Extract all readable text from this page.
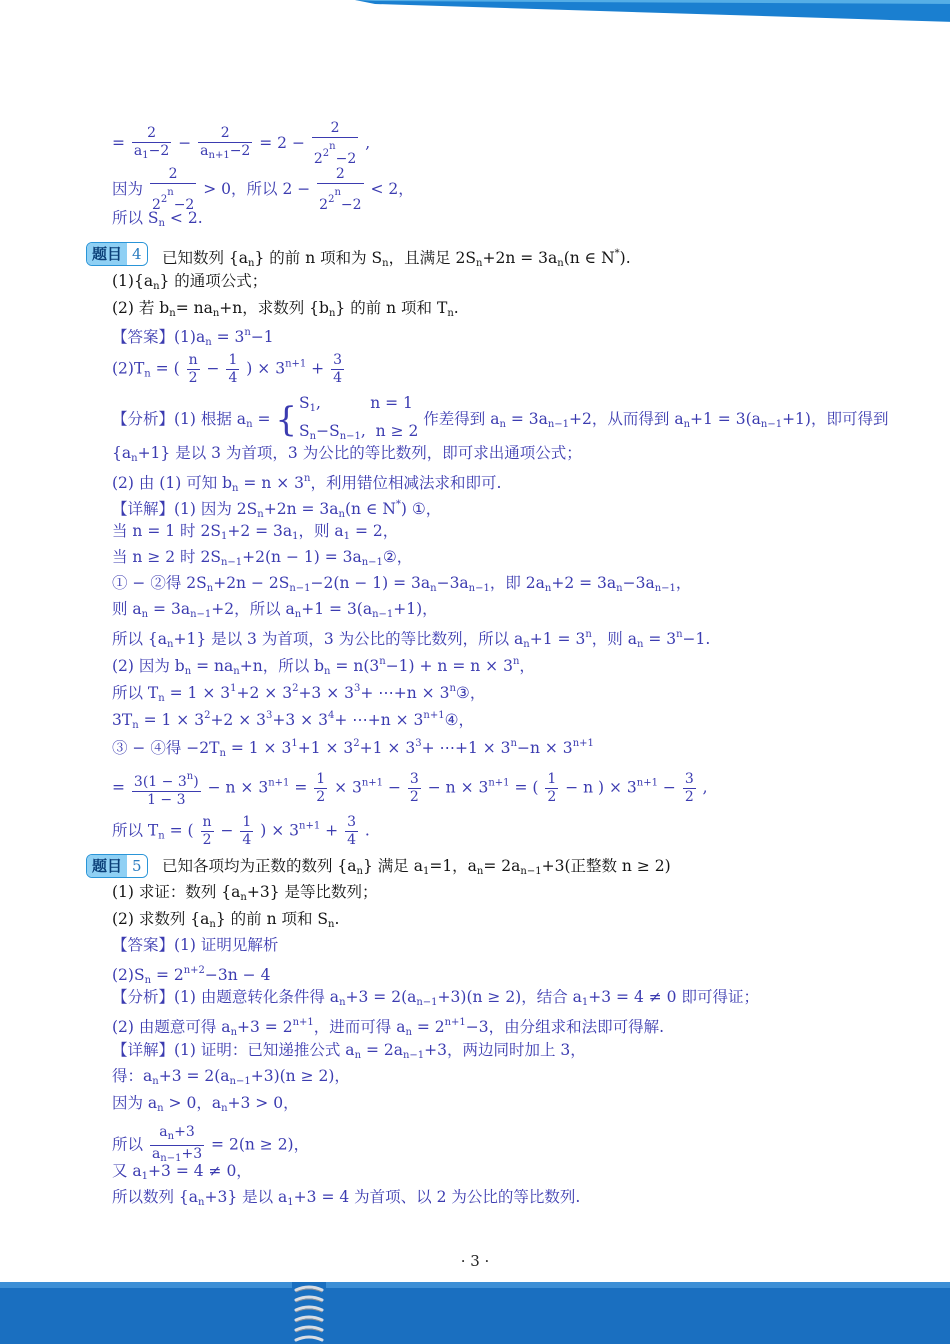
= $\frac{2}{a_1-2} - \frac{2}{a_{n+1}-2} = 2 - \frac{2}{2^{2^n}-2}$ ,
因为 $\frac{2}{2^{2^n}-2} > 0$，所以 $2 - \frac{2}{2^{2^n}-2} < 2$，
所以 $S_n < 2$.
题目 4	已知数列 $\{a_n\}$ 的前 n 项和为 $S_n$，且满足 $2S_n+2n = 3a_n(n$ ∈ N*).
$(1)\{a_n\}$ 的通项公式；
(2) 若 $b_n= na_n+n$，求数列 $\{b_n\}$ 的前 n 项和 $T_n$.
【答案】$(1)a_n = 3^n-1$
$(2)T_n$ = ( $\frac{n}{2} - \frac{1}{4}$ ) × $3^{n+1} + \frac{3}{4}$
【分析】(1) 根据 $a_n$ = { $S_1$,          n = 1
$S_n-S_{n-1}$,  n ≥ 2 作差得到 $a_n = 3a_{n-1}+2$，从而得到 $a_n+1 = 3(a_{n-1}+1)$，即可得到
$\{a_n+1\}$ 是以 3 为首项，3 为公比的等比数列，即可求出通项公式；
(2) 由 (1) 可知 $b_n = n \times 3^n$，利用错位相减法求和即可.
【详解】(1) 因为 $2S_n+2n = 3a_n(n$ ∈ N*) ①，
当 n = 1 时 $2S_1+2 = 3a_1$，则 $a_1 = 2$，
当 n ≥ 2 时 $2S_{n-1}+2(n - 1)$ = $3a_{n-1}②$，
① − ②得 $2S_n+2n - 2S_{n-1}-2(n - 1) = 3a_n-3a_{n-1}$，即 $2a_n+2 = 3a_n-3a_{n-1}$，
则 $a_n = 3a_{n-1}+2$，所以 $a_n+1 = 3(a_{n-1}+1)$，
所以 $\{a_n+1\}$ 是以 3 为首项，3 为公比的等比数列，所以 $a_n+1 = 3^n$，则 $a_n = 3^n-1$.
(2) 因为 $b_n = na_n+n$，所以 $b_n = n(3^n-1) + n = n \times 3^n$，
所以 $T_n = 1 \times 3^1+2 \times 3^2+3 \times 3^3+$ ⋯+n × $3^n③$，
$3T_n = 1 \times 3^2+2 \times 3^3+3 \times 3^4+$ ⋯+n × $3^{n+1}④$，
③ − ④得 $-2T_n = 1 \times 3^1+1 \times 3^2+1 \times 3^3+$ ⋯+1 × $3^n-n \times 3^{n+1}$
= $\frac{3(1 - 3^n)}{1 - 3} - n \times 3^{n+1} = \frac{1}{2} \times 3^{n+1} - \frac{3}{2} - n \times 3^{n+1}$ = ( $\frac{1}{2} - n$ ) × $3^{n+1} - \frac{3}{2}$ ,
所以 $T_n$ = ( $\frac{n}{2} - \frac{1}{4}$ ) × $3^{n+1} + \frac{3}{4}$ .
题目 5	已知各项均为正数的数列 $\{a_n\}$ 满足 $a_1=1$，$a_n= 2a_{n-1}+3$(正整数 n ≥ 2)
(1) 求证：数列 $\{a_n+3\}$ 是等比数列；
(2) 求数列 $\{a_n\}$ 的前 n 项和 $S_n$.
【答案】(1) 证明见解析
$(2)S_n = 2^{n+2}-3n - 4$
【分析】(1) 由题意转化条件得 $a_n+3 = 2(a_{n-1}+3)(n \ge 2)$，结合 $a_1+3 = 4 \ne 0$ 即可得证；
(2) 由题意可得 $a_n+3 = 2^{n+1}$，进而可得 $a_n = 2^{n+1}-3$，由分组求和法即可得解.
【详解】(1) 证明：已知递推公式 $a_n = 2a_{n-1}+3$，两边同时加上 3，
得：$a_n+3 = 2(a_{n-1}+3)(n \ge 2)$，
因为 $a_n > 0$，$a_n+3 > 0$，
所以 $\frac{a_n+3}{a_{n-1}+3} = 2(n \ge 2)$，
又 $a_1+3 = 4 \ne 0$，
所以数列 $\{a_n+3\}$ 是以 $a_1+3 = 4$ 为首项、以 2 为公比的等比数列.
· 3 ·
